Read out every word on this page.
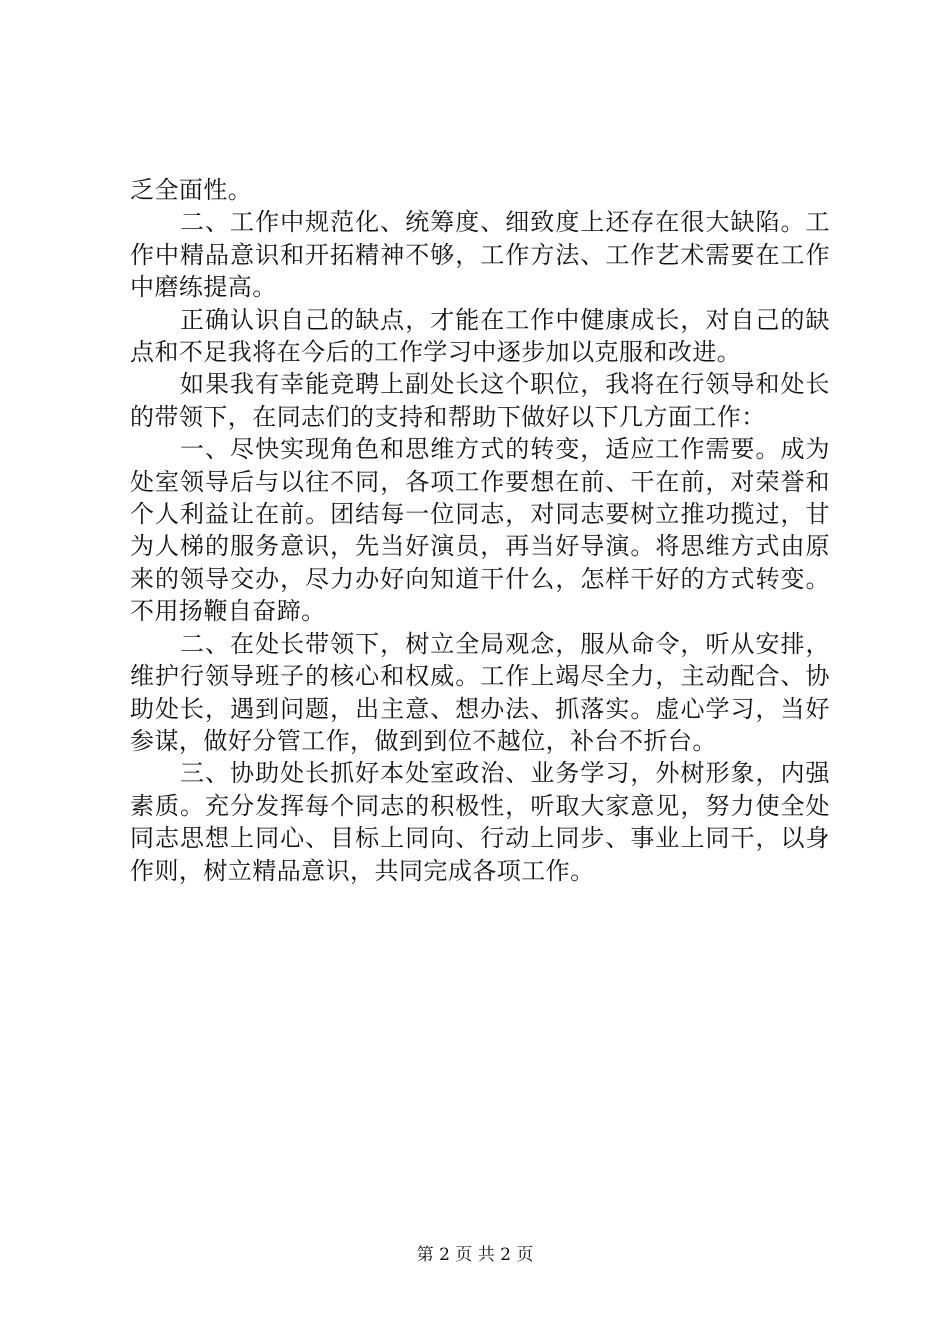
乏全面性。

二、工作中规范化、统筹度、细致度上还存在很大缺陷。工作中精品意识和开拓精神不够，工作方法、工作艺术需要在工作中磨练提高。

正确认识自己的缺点，才能在工作中健康成长，对自己的缺点和不足我将在今后的工作学习中逐步加以克服和改进。

如果我有幸能竞聘上副处长这个职位，我将在行领导和处长的带领下，在同志们的支持和帮助下做好以下几方面工作：

一、尽快实现角色和思维方式的转变，适应工作需要。成为处室领导后与以往不同，各项工作要想在前、干在前，对荣誉和个人利益让在前。团结每一位同志，对同志要树立推功揽过，甘为人梯的服务意识，先当好演员，再当好导演。将思维方式由原来的领导交办，尽力办好向知道干什么，怎样干好的方式转变。不用扬鞭自奋蹄。

二、在处长带领下，树立全局观念，服从命令，听从安排，维护行领导班子的核心和权威。工作上竭尽全力，主动配合、协助处长，遇到问题，出主意、想办法、抓落实。虚心学习，当好参谋，做好分管工作，做到到位不越位，补台不折台。

三、协助处长抓好本处室政治、业务学习，外树形象，内强素质。充分发挥每个同志的积极性，听取大家意见，努力使全处同志思想上同心、目标上同向、行动上同步、事业上同干，以身作则，树立精品意识，共同完成各项工作。

第 2 页 共 2 页
